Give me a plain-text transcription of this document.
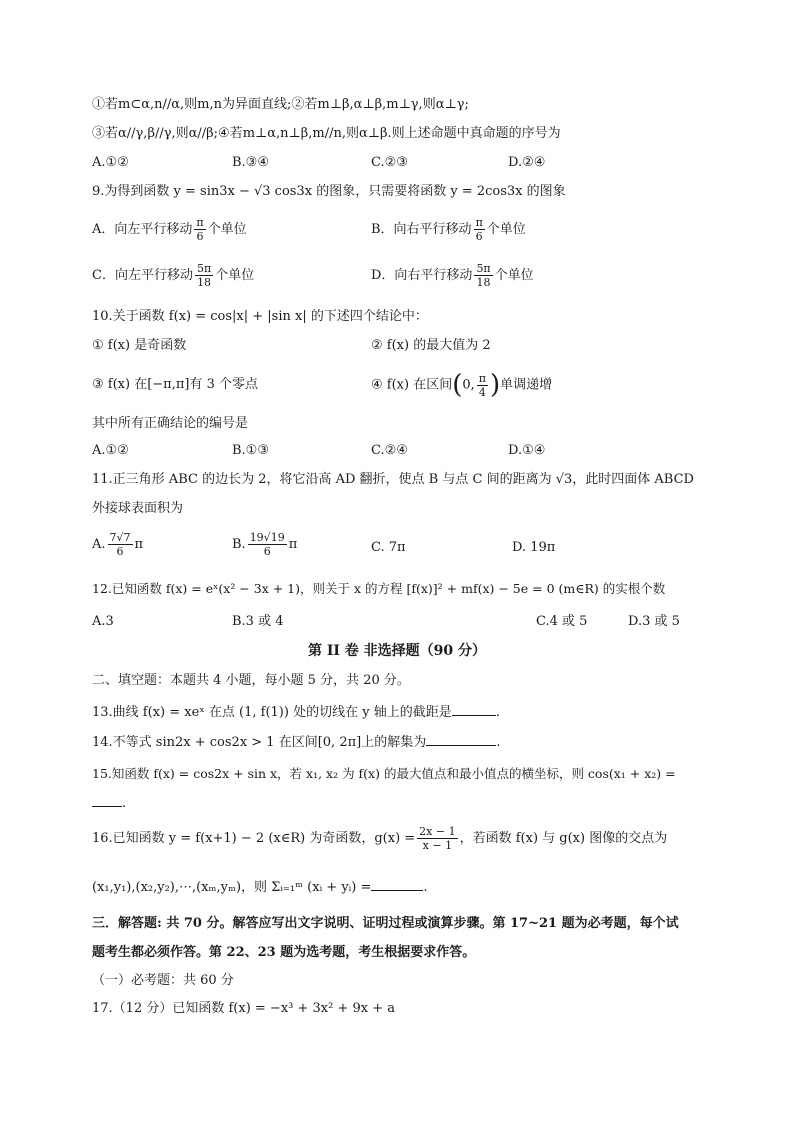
①若m⊂α,n//α,则m,n为异面直线;②若m⊥β,α⊥β,m⊥γ,则α⊥γ;
③若α//γ,β//γ,则α//β;④若m⊥α,n⊥β,m//n,则α⊥β.则上述命题中真命题的序号为
A.①②	B.③④	C.②③	D.②④
9.为得到函数 y = sin3x − √3 cos3x 的图象，只需要将函数 y = 2cos3x 的图象
A．向左平行移动 $\frac{\pi}{6}$ 个单位	B．向右平行移动 $\frac{\pi}{6}$ 个单位
C．向左平行移动 $\frac{5\pi}{18}$ 个单位	D．向右平行移动 $\frac{5\pi}{18}$ 个单位
10.关于函数 f(x) = cos|x| + |sin x| 的下述四个结论中：
① f(x) 是奇函数	② f(x) 的最大值为 2
③ f(x) 在[−π,π]有 3 个零点	④ f(x) 在区间(0, $\frac{\pi}{4}$ )单调递增
其中所有正确结论的编号是
A.①②	B.①③	C.②④	D.①④
11.正三角形 ABC 的边长为 2，将它沿高 AD 翻折，使点 B 与点 C 间的距离为 √3，此时四面体 ABCD
外接球表面积为
A. $\frac{7√7}{6}$ π	B. $\frac{19√19}{6}$ π	C. 7π	D. 19π
12.已知函数 f(x) = eˣ(x² − 3x + 1)，则关于 x 的方程 [f(x)]² + mf(x) − 5e = 0 (m∈R) 的实根个数
A.3	B.3 或 4	C.4 或 5	D.3 或 5
第 II 卷 非选择题（90 分）
二、填空题：本题共 4 小题，每小题 5 分，共 20 分。
13.曲线 f(x) = xeˣ 在点 (1, f(1)) 处的切线在 y 轴上的截距是	.
14.不等式 sin2x + cos2x > 1 在区间[0, 2π]上的解集为	.
15.知函数 f(x) = cos2x + sin x，若 x₁, x₂ 为 f(x) 的最大值点和最小值点的横坐标，则 cos(x₁ + x₂) =
.
16.已知函数 y = f(x+1) − 2 (x∈R) 为奇函数，$g(x) = \frac{2x - 1}{x - 1}$ ，若函数 f(x) 与 g(x) 图像的交点为
(x₁,y₁),(x₂,y₂),⋯,(xₘ,yₘ)，则 Σᵢ₌₁ᵐ (xᵢ + yᵢ) =	.
三．解答题: 共 70 分。解答应写出文字说明、证明过程或演算步骤。第 17~21 题为必考题，每个试
题考生都必须作答。第 22、23 题为选考题，考生根据要求作答。
（一）必考题：共 60 分
17.（12 分）已知函数 f(x) = −x³ + 3x² + 9x + a
